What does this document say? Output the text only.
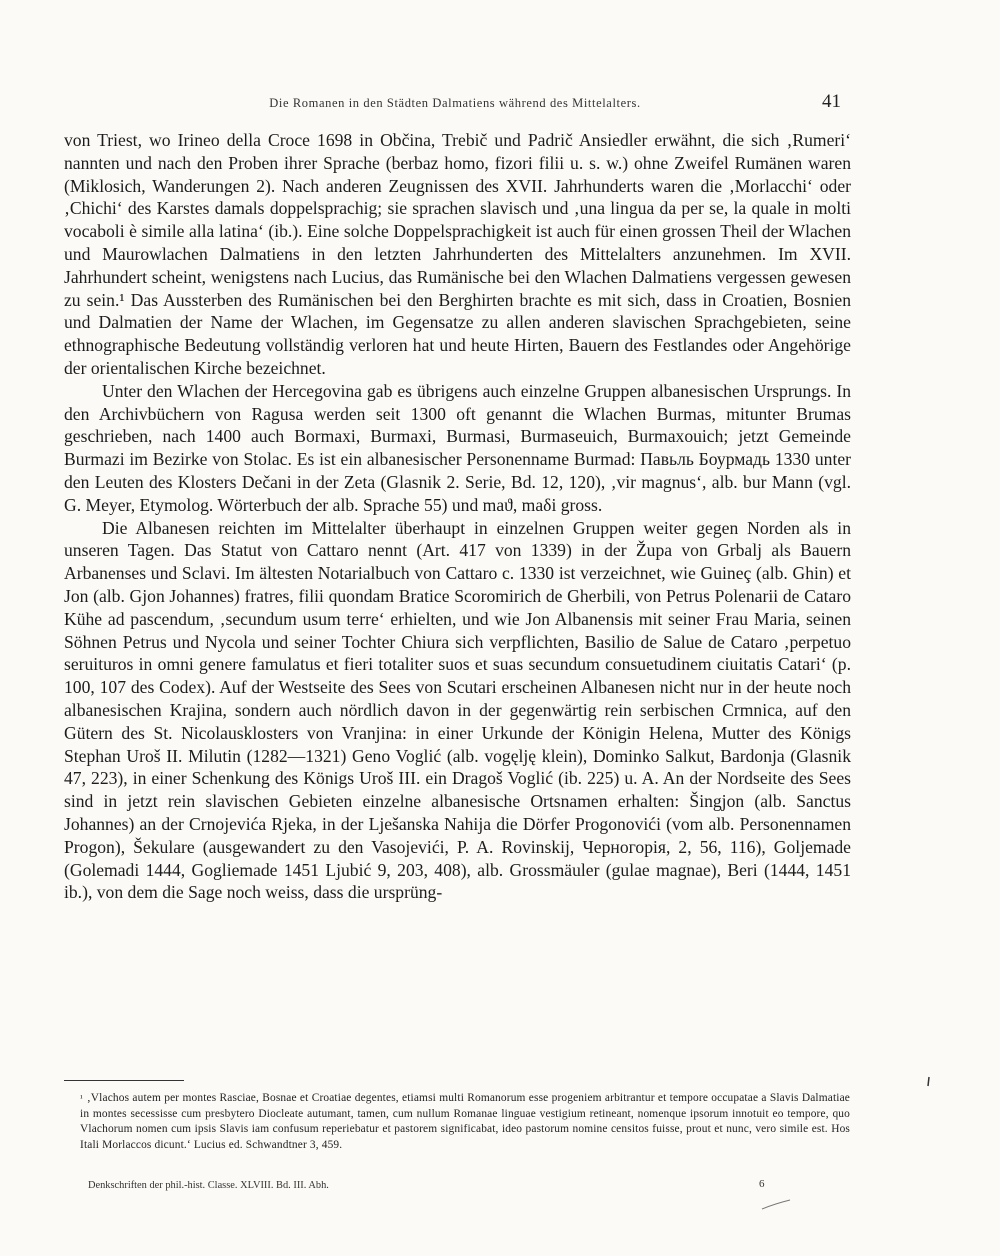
Die Romanen in den Städten Dalmatiens während des Mittelalters.	41

von Triest, wo Irineo della Croce 1698 in Občina, Trebič und Padrič Ansiedler erwähnt, die sich ‚Rumeri‘ nannten und nach den Proben ihrer Sprache (berbaz homo, fizori filii u. s. w.) ohne Zweifel Rumänen waren (Miklosich, Wanderungen 2). Nach anderen Zeugnissen des XVII. Jahrhunderts waren die ‚Morlacchi‘ oder ‚Chichi‘ des Karstes damals doppelsprachig; sie sprachen slavisch und ‚una lingua da per se, la quale in molti vocaboli è simile alla latina‘ (ib.). Eine solche Doppelsprachigkeit ist auch für einen grossen Theil der Wlachen und Maurowlachen Dalmatiens in den letzten Jahrhunderten des Mittelalters anzunehmen. Im XVII. Jahrhundert scheint, wenigstens nach Lucius, das Rumänische bei den Wlachen Dalmatiens vergessen gewesen zu sein.¹ Das Aussterben des Rumänischen bei den Berghirten brachte es mit sich, dass in Croatien, Bosnien und Dalmatien der Name der Wlachen, im Gegensatze zu allen anderen slavischen Sprachgebieten, seine ethnographische Bedeutung vollständig verloren hat und heute Hirten, Bauern des Festlandes oder Angehörige der orientalischen Kirche bezeichnet.

Unter den Wlachen der Hercegovina gab es übrigens auch einzelne Gruppen albanesischen Ursprungs. In den Archivbüchern von Ragusa werden seit 1300 oft genannt die Wlachen Burmas, mitunter Brumas geschrieben, nach 1400 auch Bormaxi, Burmaxi, Burmasi, Burmaseuich, Burmaxouich; jetzt Gemeinde Burmazi im Bezirke von Stolac. Es ist ein albanesischer Personenname Burmad: Павьль Боурмадь 1330 unter den Leuten des Klosters Dečani in der Zeta (Glasnik 2. Serie, Bd. 12, 120), ‚vir magnus‘, alb. bur Mann (vgl. G. Meyer, Etymolog. Wörterbuch der alb. Sprache 55) und maϑ, maδi gross.

Die Albanesen reichten im Mittelalter überhaupt in einzelnen Gruppen weiter gegen Norden als in unseren Tagen. Das Statut von Cattaro nennt (Art. 417 von 1339) in der Župa von Grbalj als Bauern Arbanenses und Sclavi. Im ältesten Notarialbuch von Cattaro c. 1330 ist verzeichnet, wie Guineç (alb. Ghin) et Jon (alb. Gjon Johannes) fratres, filii quondam Bratice Scoromirich de Gherbili, von Petrus Polenarii de Cataro Kühe ad pascendum, ‚secundum usum terre‘ erhielten, und wie Jon Albanensis mit seiner Frau Maria, seinen Söhnen Petrus und Nycola und seiner Tochter Chiura sich verpflichten, Basilio de Salue de Cataro ‚perpetuo seruituros in omni genere famulatus et fieri totaliter suos et suas secundum consuetudinem ciuitatis Catari‘ (p. 100, 107 des Codex). Auf der Westseite des Sees von Scutari erscheinen Albanesen nicht nur in der heute noch albanesischen Krajina, sondern auch nördlich davon in der gegenwärtig rein serbischen Crmnica, auf den Gütern des St. Nicolausklosters von Vranjina: in einer Urkunde der Königin Helena, Mutter des Königs Stephan Uroš II. Milutin (1282—1321) Geno Voglić (alb. vogęlję klein), Dominko Salkut, Bardonja (Glasnik 47, 223), in einer Schenkung des Königs Uroš III. ein Dragoš Voglić (ib. 225) u. A. An der Nordseite des Sees sind in jetzt rein slavischen Gebieten einzelne albanesische Ortsnamen erhalten: Šingjon (alb. Sanctus Johannes) an der Crnojevića Rjeka, in der Lješanska Nahija die Dörfer Progonovići (vom alb. Personennamen Progon), Šekulare (ausgewandert zu den Vasojevići, P. A. Rovinskij, Черногорія, 2, 56, 116), Goljemade (Golemadi 1444, Gogliemade 1451 Ljubić 9, 203, 408), alb. Grossmäuler (gulae magnae), Beri (1444, 1451 ib.), von dem die Sage noch weiss, dass die ursprüng-

$^{^1}$ ‚Vlachos autem per montes Rasciae, Bosnae et Croatiae degentes, etiamsi multi Romanorum esse progeniem arbitrantur et tempore occupatae a Slavis Dalmatiae in montes secessisse cum presbytero Diocleate autumant, tamen, cum nullum Romanae linguae vestigium retineant, nomenque ipsorum innotuit eo tempore, quo Vlachorum nomen cum ipsis Slavis iam confusum reperiebatur et pastorem significabat, ideo pastorum nomine censitos fuisse, prout et nunc, vero simile est. Hos Itali Morlaccos dicunt.‘ Lucius ed. Schwandtner 3, 459.
Denkschriften der phil.-hist. Classe. XLVIII. Bd. III. Abh.	6
